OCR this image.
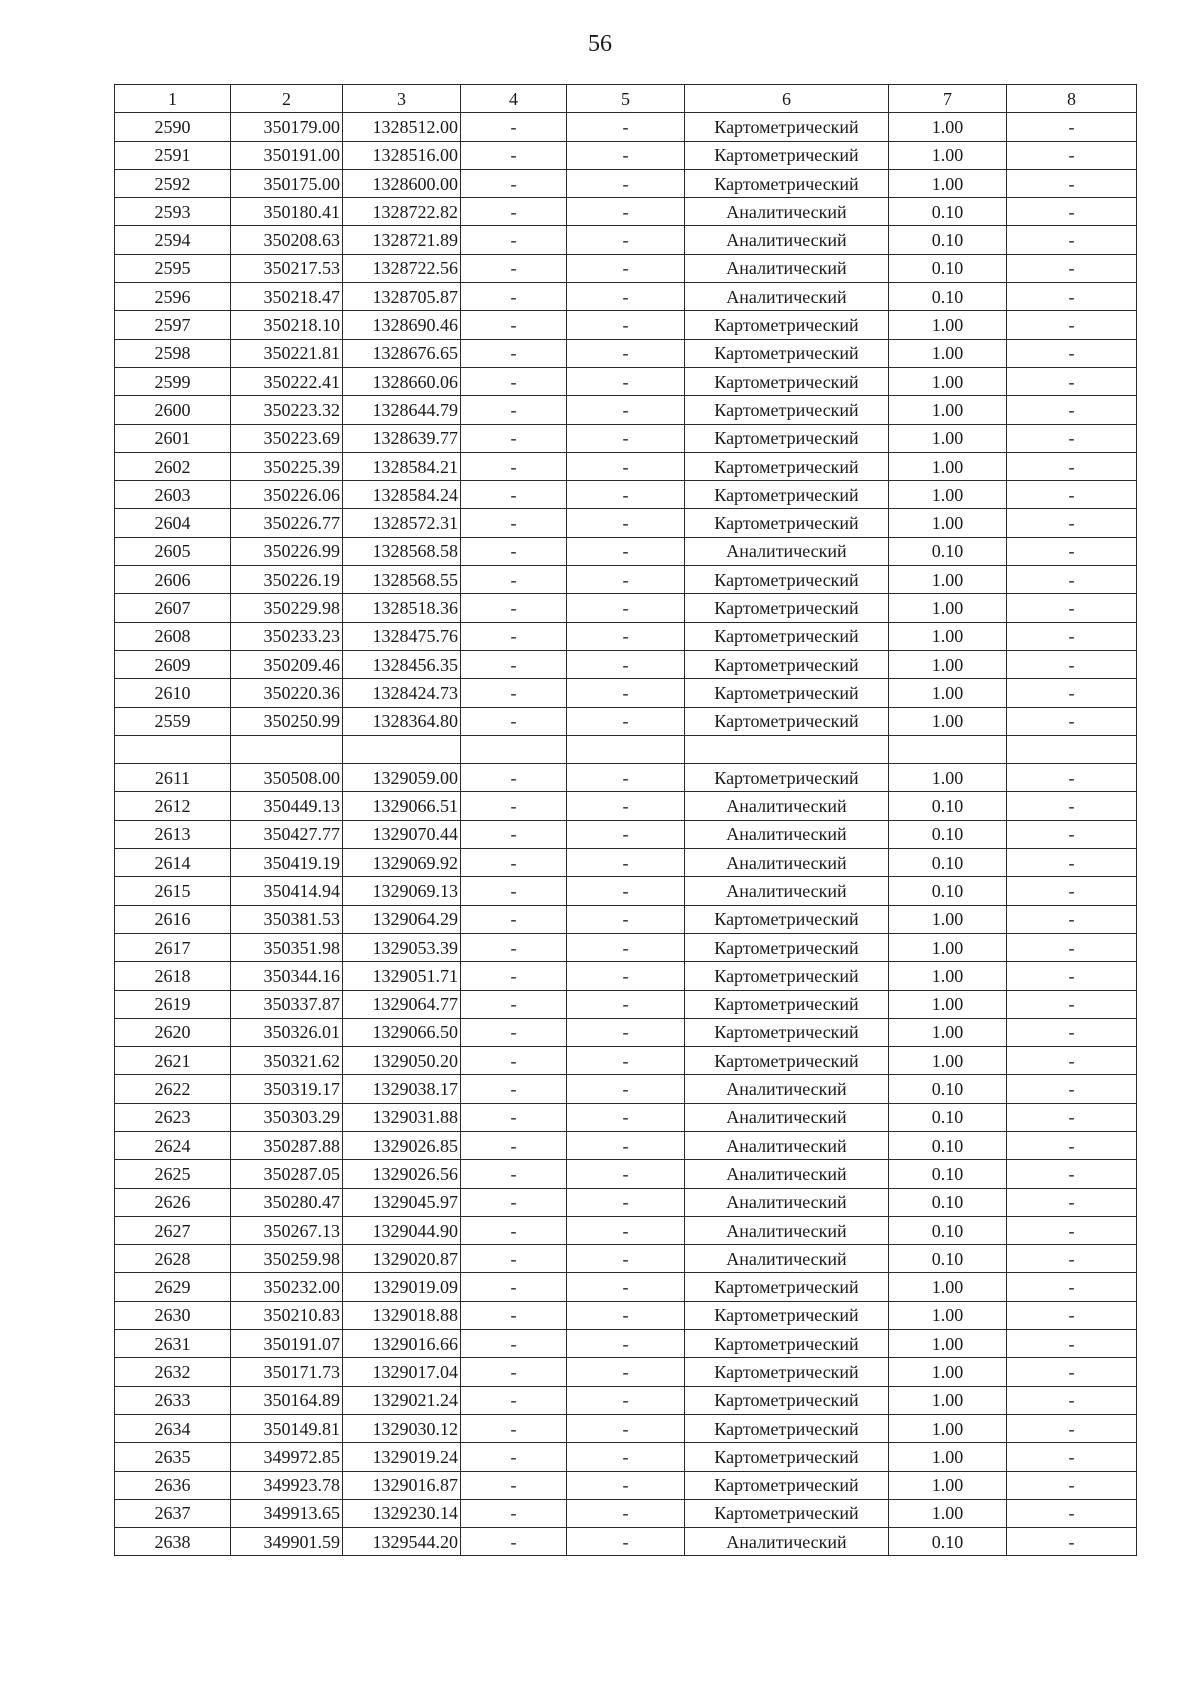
56
1	2	3	4	5	6	7	8
2590	350179.00	1328512.00	-	-	Картометрический	1.00	-
2591	350191.00	1328516.00	-	-	Картометрический	1.00	-
2592	350175.00	1328600.00	-	-	Картометрический	1.00	-
2593	350180.41	1328722.82	-	-	Аналитический	0.10	-
2594	350208.63	1328721.89	-	-	Аналитический	0.10	-
2595	350217.53	1328722.56	-	-	Аналитический	0.10	-
2596	350218.47	1328705.87	-	-	Аналитический	0.10	-
2597	350218.10	1328690.46	-	-	Картометрический	1.00	-
2598	350221.81	1328676.65	-	-	Картометрический	1.00	-
2599	350222.41	1328660.06	-	-	Картометрический	1.00	-
2600	350223.32	1328644.79	-	-	Картометрический	1.00	-
2601	350223.69	1328639.77	-	-	Картометрический	1.00	-
2602	350225.39	1328584.21	-	-	Картометрический	1.00	-
2603	350226.06	1328584.24	-	-	Картометрический	1.00	-
2604	350226.77	1328572.31	-	-	Картометрический	1.00	-
2605	350226.99	1328568.58	-	-	Аналитический	0.10	-
2606	350226.19	1328568.55	-	-	Картометрический	1.00	-
2607	350229.98	1328518.36	-	-	Картометрический	1.00	-
2608	350233.23	1328475.76	-	-	Картометрический	1.00	-
2609	350209.46	1328456.35	-	-	Картометрический	1.00	-
2610	350220.36	1328424.73	-	-	Картометрический	1.00	-
2559	350250.99	1328364.80	-	-	Картометрический	1.00	-

2611	350508.00	1329059.00	-	-	Картометрический	1.00	-
2612	350449.13	1329066.51	-	-	Аналитический	0.10	-
2613	350427.77	1329070.44	-	-	Аналитический	0.10	-
2614	350419.19	1329069.92	-	-	Аналитический	0.10	-
2615	350414.94	1329069.13	-	-	Аналитический	0.10	-
2616	350381.53	1329064.29	-	-	Картометрический	1.00	-
2617	350351.98	1329053.39	-	-	Картометрический	1.00	-
2618	350344.16	1329051.71	-	-	Картометрический	1.00	-
2619	350337.87	1329064.77	-	-	Картометрический	1.00	-
2620	350326.01	1329066.50	-	-	Картометрический	1.00	-
2621	350321.62	1329050.20	-	-	Картометрический	1.00	-
2622	350319.17	1329038.17	-	-	Аналитический	0.10	-
2623	350303.29	1329031.88	-	-	Аналитический	0.10	-
2624	350287.88	1329026.85	-	-	Аналитический	0.10	-
2625	350287.05	1329026.56	-	-	Аналитический	0.10	-
2626	350280.47	1329045.97	-	-	Аналитический	0.10	-
2627	350267.13	1329044.90	-	-	Аналитический	0.10	-
2628	350259.98	1329020.87	-	-	Аналитический	0.10	-
2629	350232.00	1329019.09	-	-	Картометрический	1.00	-
2630	350210.83	1329018.88	-	-	Картометрический	1.00	-
2631	350191.07	1329016.66	-	-	Картометрический	1.00	-
2632	350171.73	1329017.04	-	-	Картометрический	1.00	-
2633	350164.89	1329021.24	-	-	Картометрический	1.00	-
2634	350149.81	1329030.12	-	-	Картометрический	1.00	-
2635	349972.85	1329019.24	-	-	Картометрический	1.00	-
2636	349923.78	1329016.87	-	-	Картометрический	1.00	-
2637	349913.65	1329230.14	-	-	Картометрический	1.00	-
2638	349901.59	1329544.20	-	-	Аналитический	0.10	-
